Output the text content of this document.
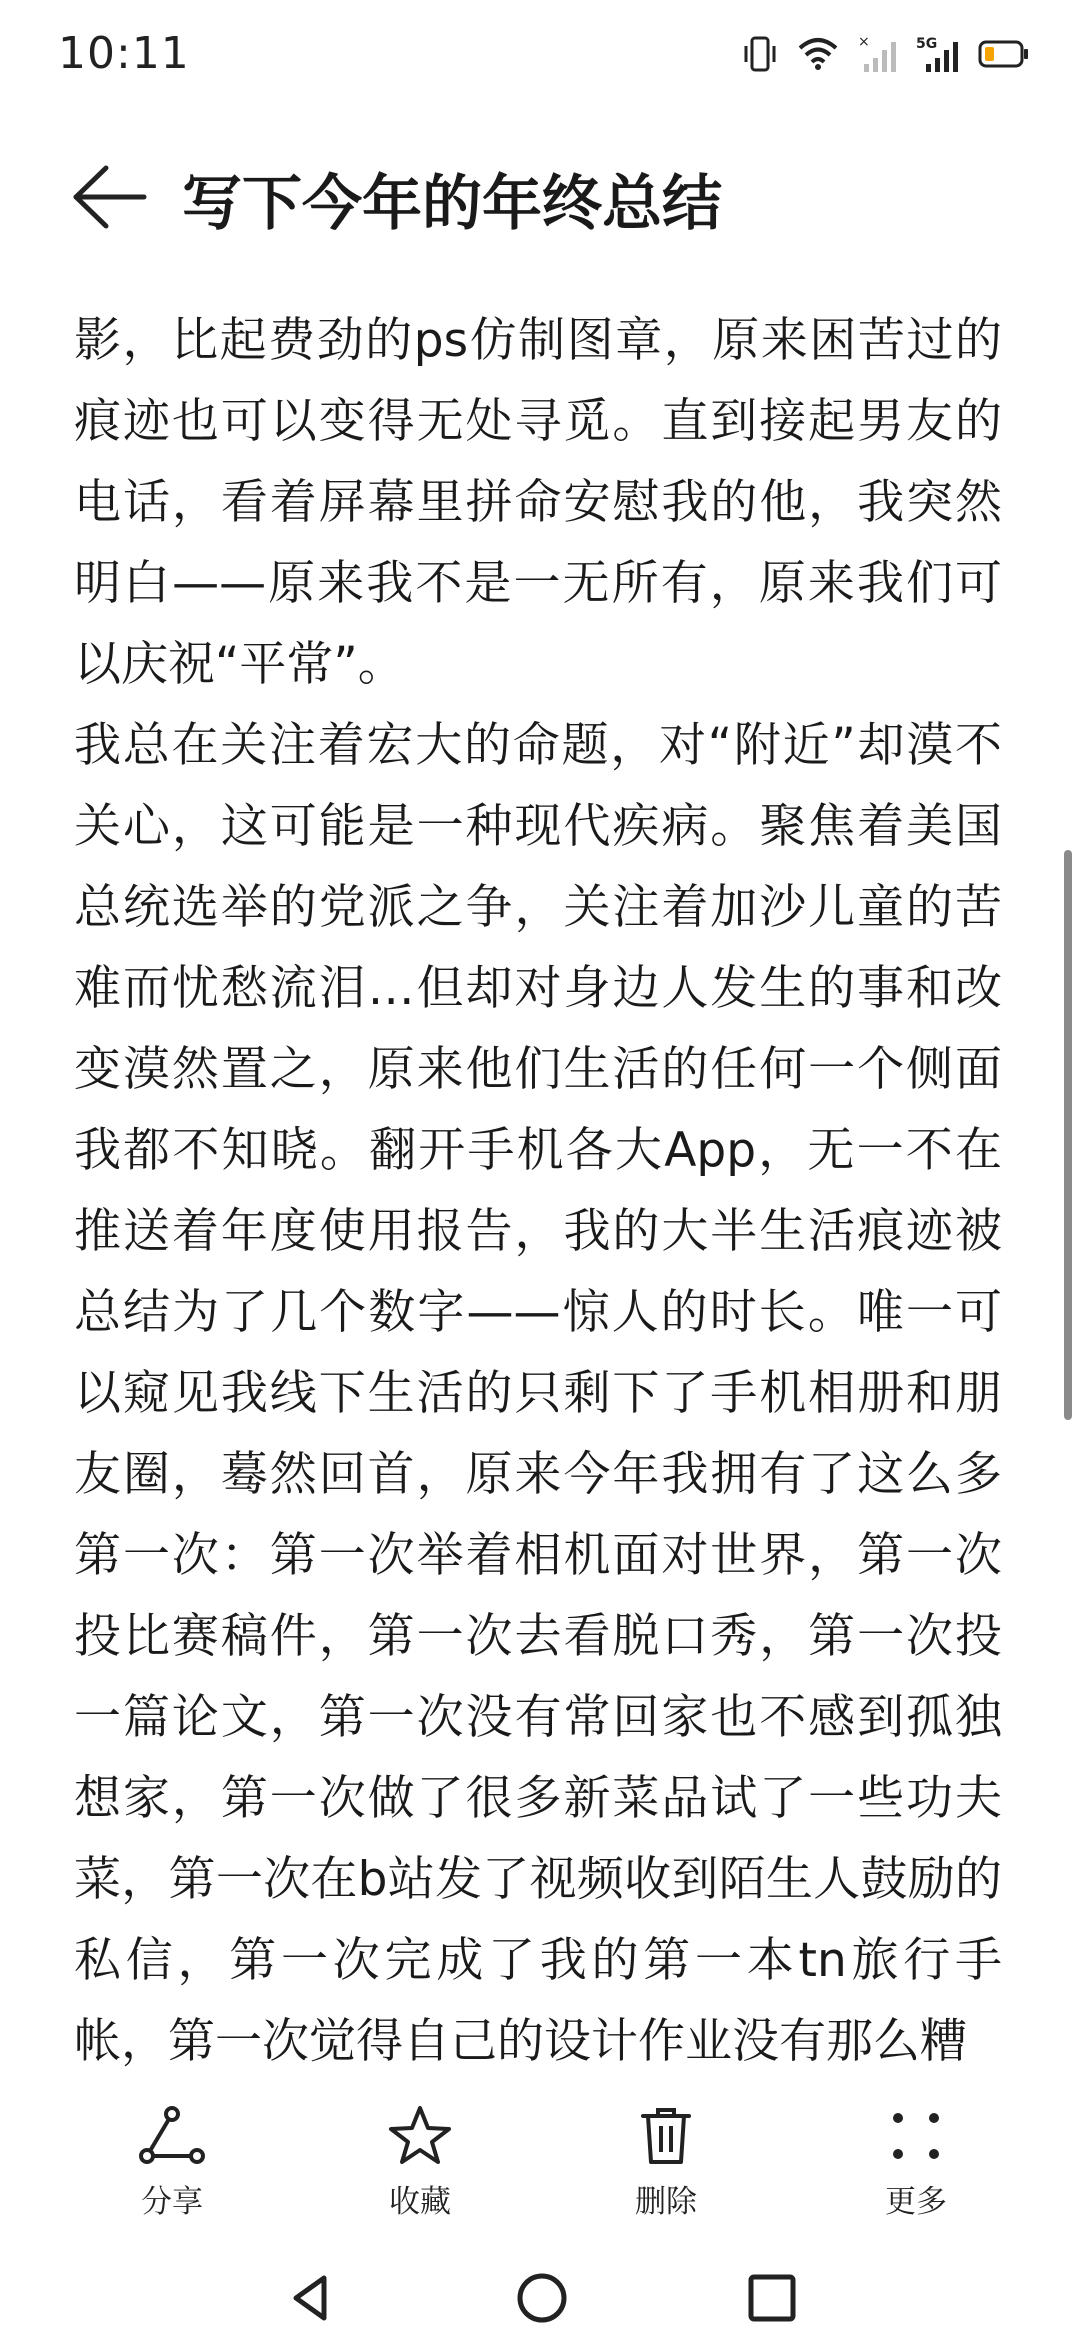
10:11	×	5G
写下今年的年终总结

影，比起费劲的ps仿制图章，原来困苦过的痕迹也可以变得无处寻觅。直到接起男友的电话，看着屏幕里拼命安慰我的他，我突然明白——原来我不是一无所有，原来我们可以庆祝“平常”。

我总在关注着宏大的命题，对“附近”却漠不关心，这可能是一种现代疾病。聚焦着美国总统选举的党派之争，关注着加沙儿童的苦难而忧愁流泪…但却对身边人发生的事和改变漠然置之，原来他们生活的任何一个侧面我都不知晓。翻开手机各大App，无一不在推送着年度使用报告，我的大半生活痕迹被总结为了几个数字——惊人的时长。唯一可以窥见我线下生活的只剩下了手机相册和朋友圈，蓦然回首，原来今年我拥有了这么多第一次：第一次举着相机面对世界，第一次投比赛稿件，第一次去看脱口秀，第一次投一篇论文，第一次没有常回家也不感到孤独想家，第一次做了很多新菜品试了一些功夫菜，第一次在b站发了视频收到陌生人鼓励的私信，第一次完成了我的第一本tn旅行手帐，第一次觉得自己的设计作业没有那么糟

分享	收藏	删除	更多
